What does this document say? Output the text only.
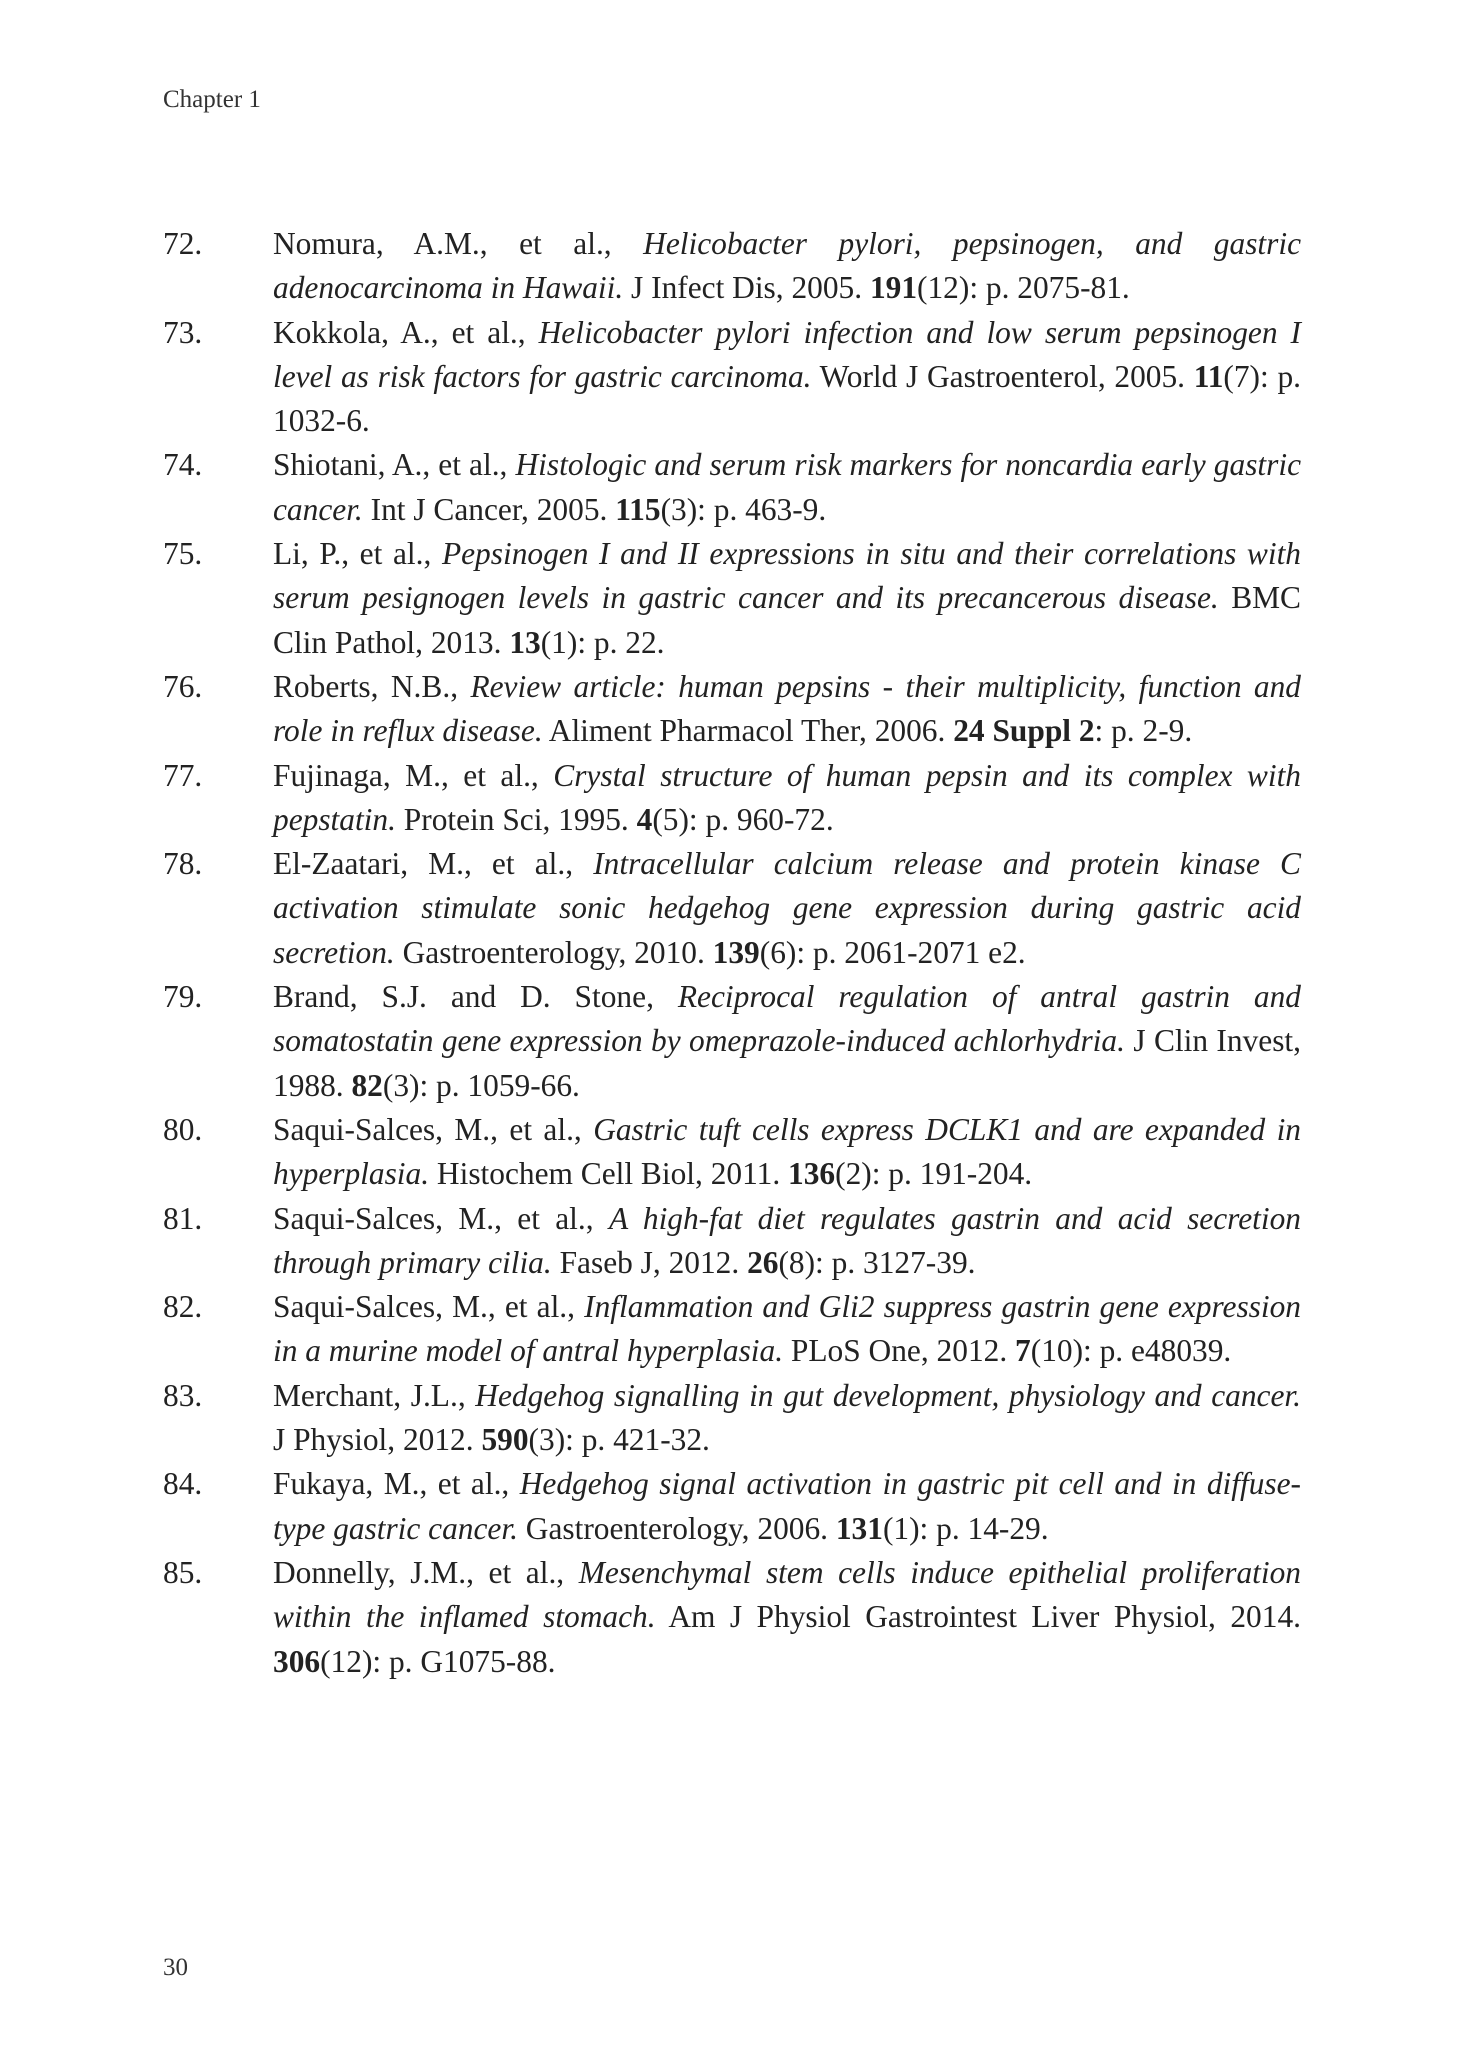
Chapter 1
72.	Nomura, A.M., et al., Helicobacter pylori, pepsinogen, and gastric adenocarcinoma in Hawaii. J Infect Dis, 2005. 191(12): p. 2075-81.
73.	Kokkola, A., et al., Helicobacter pylori infection and low serum pepsinogen I level as risk factors for gastric carcinoma. World J Gastroenterol, 2005. 11(7): p. 1032-6.
74.	Shiotani, A., et al., Histologic and serum risk markers for noncardia early gastric cancer. Int J Cancer, 2005. 115(3): p. 463-9.
75.	Li, P., et al., Pepsinogen I and II expressions in situ and their correlations with serum pesignogen levels in gastric cancer and its precancerous disease. BMC Clin Pathol, 2013. 13(1): p. 22.
76.	Roberts, N.B., Review article: human pepsins - their multiplicity, function and role in reflux disease. Aliment Pharmacol Ther, 2006. 24 Suppl 2: p. 2-9.
77.	Fujinaga, M., et al., Crystal structure of human pepsin and its complex with pepstatin. Protein Sci, 1995. 4(5): p. 960-72.
78.	El-Zaatari, M., et al., Intracellular calcium release and protein kinase C activation stimulate sonic hedgehog gene expression during gastric acid secretion. Gastroenterology, 2010. 139(6): p. 2061-2071 e2.
79.	Brand, S.J. and D. Stone, Reciprocal regulation of antral gastrin and somatostatin gene expression by omeprazole-induced achlorhydria. J Clin Invest, 1988. 82(3): p. 1059-66.
80.	Saqui-Salces, M., et al., Gastric tuft cells express DCLK1 and are expanded in hyperplasia. Histochem Cell Biol, 2011. 136(2): p. 191-204.
81.	Saqui-Salces, M., et al., A high-fat diet regulates gastrin and acid secretion through primary cilia. Faseb J, 2012. 26(8): p. 3127-39.
82.	Saqui-Salces, M., et al., Inflammation and Gli2 suppress gastrin gene expression in a murine model of antral hyperplasia. PLoS One, 2012. 7(10): p. e48039.
83.	Merchant, J.L., Hedgehog signalling in gut development, physiology and cancer. J Physiol, 2012. 590(3): p. 421-32.
84.	Fukaya, M., et al., Hedgehog signal activation in gastric pit cell and in diffuse-type gastric cancer. Gastroenterology, 2006. 131(1): p. 14-29.
85.	Donnelly, J.M., et al., Mesenchymal stem cells induce epithelial proliferation within the inflamed stomach. Am J Physiol Gastrointest Liver Physiol, 2014. 306(12): p. G1075-88.
30
